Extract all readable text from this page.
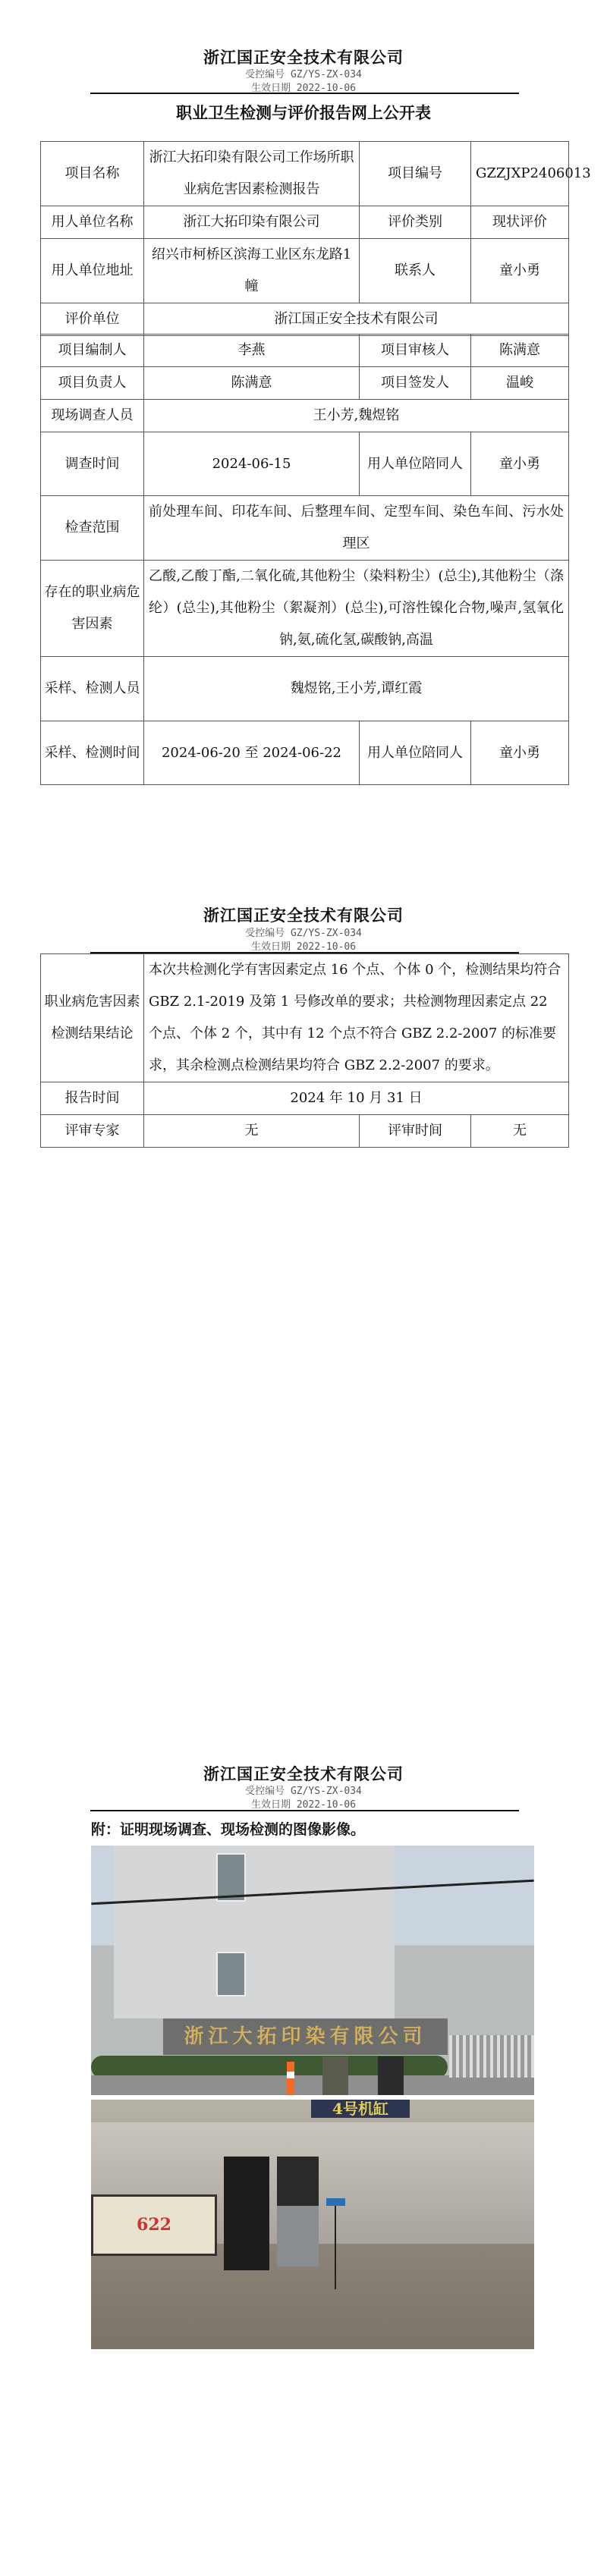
浙江国正安全技术有限公司
受控编号 GZ/YS-ZX-034
生效日期 2022-10-06
职业卫生检测与评价报告网上公开表
项目名称	浙江大拓印染有限公司工作场所职业病危害因素检测报告	项目编号	GZZJXP2406013
用人单位名称	浙江大拓印染有限公司	评价类别	现状评价
用人单位地址	绍兴市柯桥区滨海工业区东龙路1幢	联系人	童小勇
评价单位	浙江国正安全技术有限公司		
项目编制人	李燕	项目审核人	陈满意
项目负责人	陈满意	项目签发人	温峻
现场调查人员	王小芳,魏煜铭		
调查时间	2024-06-15	用人单位陪同人	童小勇
检查范围	前处理车间、印花车间、后整理车间、定型车间、染色车间、污水处理区		
存在的职业病危害因素	乙酸,乙酸丁酯,二氧化硫,其他粉尘（染料粉尘）(总尘),其他粉尘（涤纶）(总尘),其他粉尘（絮凝剂）(总尘),可溶性镍化合物,噪声,氢氧化钠,氨,硫化氢,碳酸钠,高温		
采样、检测人员	魏煜铭,王小芳,谭红霞		
采样、检测时间	2024-06-20 至 2024-06-22	用人单位陪同人	童小勇
浙江国正安全技术有限公司
受控编号 GZ/YS-ZX-034
生效日期 2022-10-06
职业病危害因素检测结果结论	本次共检测化学有害因素定点 16 个点、个体 0 个，检测结果均符合 GBZ 2.1-2019 及第 1 号修改单的要求；共检测物理因素定点 22 个点、个体 2 个，其中有 12 个点不符合 GBZ 2.2-2007 的标准要求，其余检测点检测结果均符合 GBZ 2.2-2007 的要求。		
报告时间	2024 年 10 月 31 日		
评审专家	无	评审时间	无
浙江国正安全技术有限公司
受控编号 GZ/YS-ZX-034
生效日期 2022-10-06
附：证明现场调查、现场检测的图像影像。
浙江大拓印染有限公司
4号机缸
622
